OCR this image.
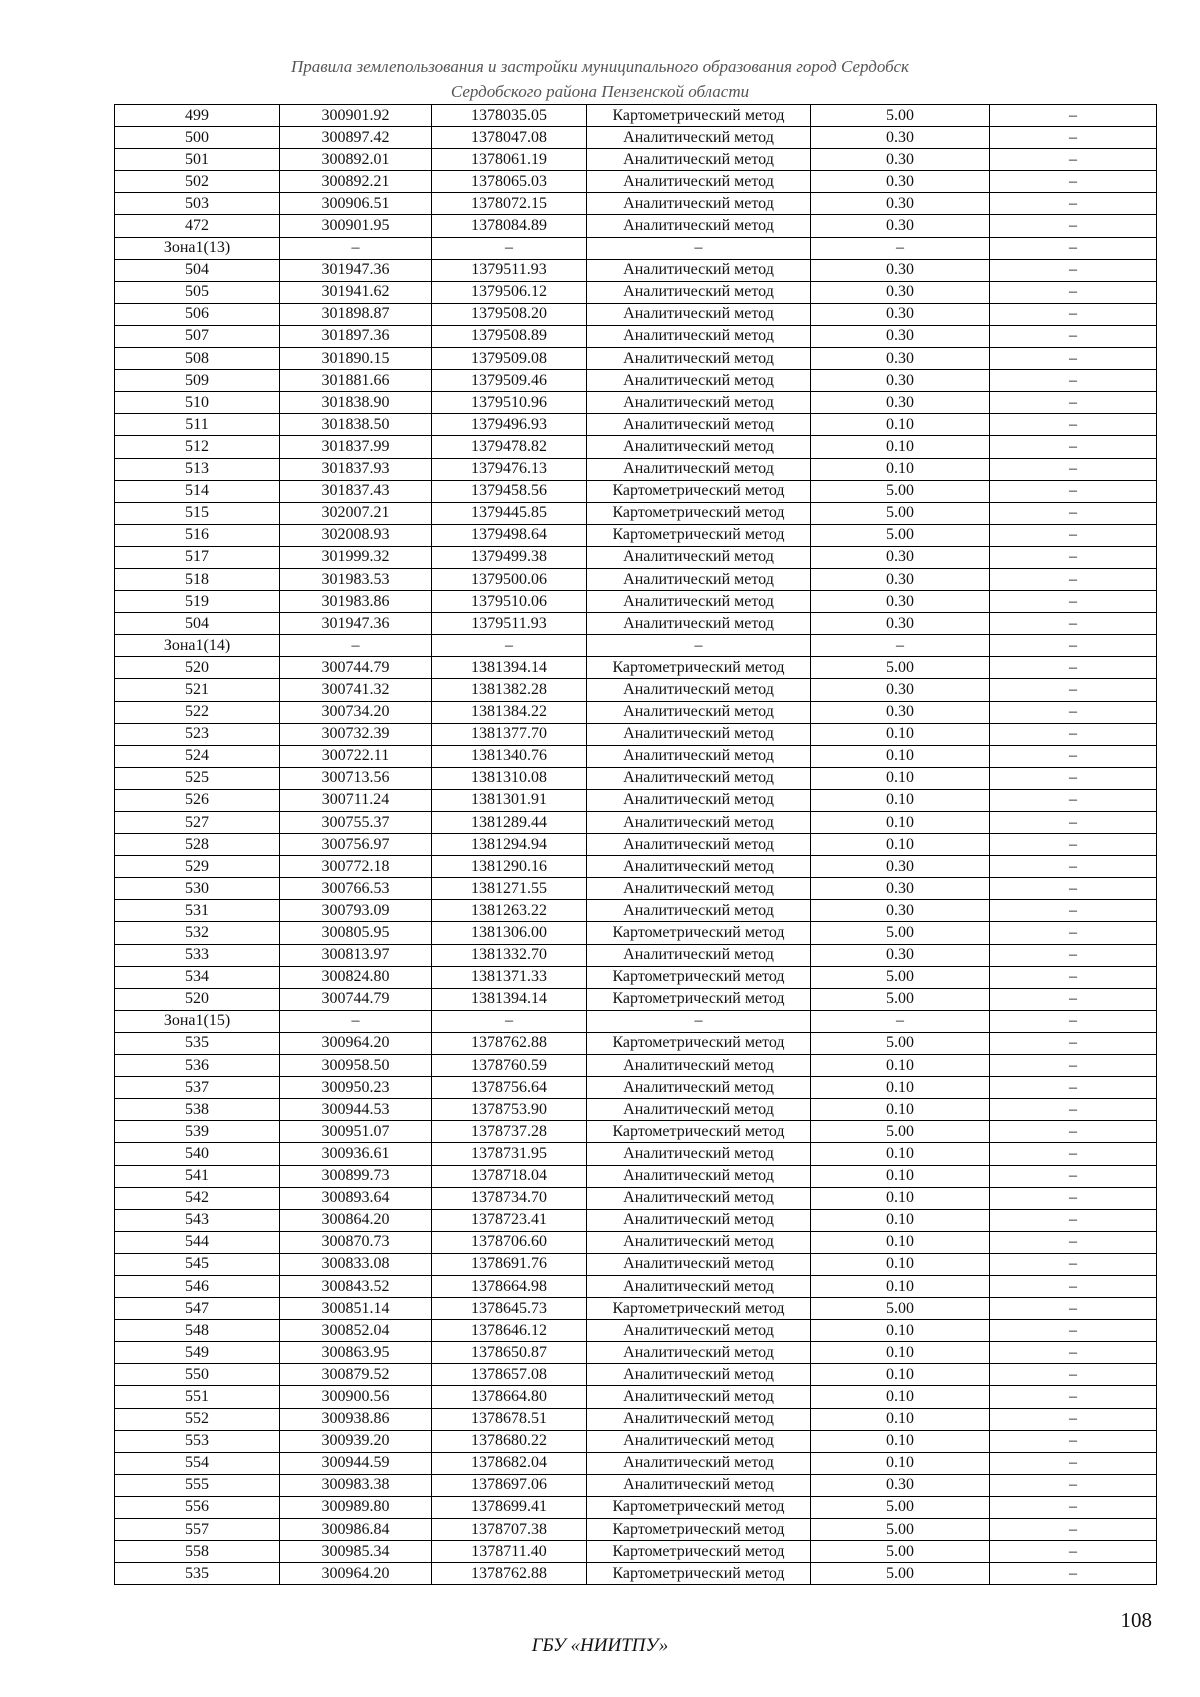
Правила землепользования и застройки муниципального образования город Сердобск
Сердобского района Пензенской области
499	300901.92	1378035.05	Картометрический метод	5.00	–
500	300897.42	1378047.08	Аналитический метод	0.30	–
501	300892.01	1378061.19	Аналитический метод	0.30	–
502	300892.21	1378065.03	Аналитический метод	0.30	–
503	300906.51	1378072.15	Аналитический метод	0.30	–
472	300901.95	1378084.89	Аналитический метод	0.30	–
Зона1(13)	–	–	–	–	–
504	301947.36	1379511.93	Аналитический метод	0.30	–
505	301941.62	1379506.12	Аналитический метод	0.30	–
506	301898.87	1379508.20	Аналитический метод	0.30	–
507	301897.36	1379508.89	Аналитический метод	0.30	–
508	301890.15	1379509.08	Аналитический метод	0.30	–
509	301881.66	1379509.46	Аналитический метод	0.30	–
510	301838.90	1379510.96	Аналитический метод	0.30	–
511	301838.50	1379496.93	Аналитический метод	0.10	–
512	301837.99	1379478.82	Аналитический метод	0.10	–
513	301837.93	1379476.13	Аналитический метод	0.10	–
514	301837.43	1379458.56	Картометрический метод	5.00	–
515	302007.21	1379445.85	Картометрический метод	5.00	–
516	302008.93	1379498.64	Картометрический метод	5.00	–
517	301999.32	1379499.38	Аналитический метод	0.30	–
518	301983.53	1379500.06	Аналитический метод	0.30	–
519	301983.86	1379510.06	Аналитический метод	0.30	–
504	301947.36	1379511.93	Аналитический метод	0.30	–
Зона1(14)	–	–	–	–	–
520	300744.79	1381394.14	Картометрический метод	5.00	–
521	300741.32	1381382.28	Аналитический метод	0.30	–
522	300734.20	1381384.22	Аналитический метод	0.30	–
523	300732.39	1381377.70	Аналитический метод	0.10	–
524	300722.11	1381340.76	Аналитический метод	0.10	–
525	300713.56	1381310.08	Аналитический метод	0.10	–
526	300711.24	1381301.91	Аналитический метод	0.10	–
527	300755.37	1381289.44	Аналитический метод	0.10	–
528	300756.97	1381294.94	Аналитический метод	0.10	–
529	300772.18	1381290.16	Аналитический метод	0.30	–
530	300766.53	1381271.55	Аналитический метод	0.30	–
531	300793.09	1381263.22	Аналитический метод	0.30	–
532	300805.95	1381306.00	Картометрический метод	5.00	–
533	300813.97	1381332.70	Аналитический метод	0.30	–
534	300824.80	1381371.33	Картометрический метод	5.00	–
520	300744.79	1381394.14	Картометрический метод	5.00	–
Зона1(15)	–	–	–	–	–
535	300964.20	1378762.88	Картометрический метод	5.00	–
536	300958.50	1378760.59	Аналитический метод	0.10	–
537	300950.23	1378756.64	Аналитический метод	0.10	–
538	300944.53	1378753.90	Аналитический метод	0.10	–
539	300951.07	1378737.28	Картометрический метод	5.00	–
540	300936.61	1378731.95	Аналитический метод	0.10	–
541	300899.73	1378718.04	Аналитический метод	0.10	–
542	300893.64	1378734.70	Аналитический метод	0.10	–
543	300864.20	1378723.41	Аналитический метод	0.10	–
544	300870.73	1378706.60	Аналитический метод	0.10	–
545	300833.08	1378691.76	Аналитический метод	0.10	–
546	300843.52	1378664.98	Аналитический метод	0.10	–
547	300851.14	1378645.73	Картометрический метод	5.00	–
548	300852.04	1378646.12	Аналитический метод	0.10	–
549	300863.95	1378650.87	Аналитический метод	0.10	–
550	300879.52	1378657.08	Аналитический метод	0.10	–
551	300900.56	1378664.80	Аналитический метод	0.10	–
552	300938.86	1378678.51	Аналитический метод	0.10	–
553	300939.20	1378680.22	Аналитический метод	0.10	–
554	300944.59	1378682.04	Аналитический метод	0.10	–
555	300983.38	1378697.06	Аналитический метод	0.30	–
556	300989.80	1378699.41	Картометрический метод	5.00	–
557	300986.84	1378707.38	Картометрический метод	5.00	–
558	300985.34	1378711.40	Картометрический метод	5.00	–
535	300964.20	1378762.88	Картометрический метод	5.00	–
108
ГБУ «НИИТПУ»
